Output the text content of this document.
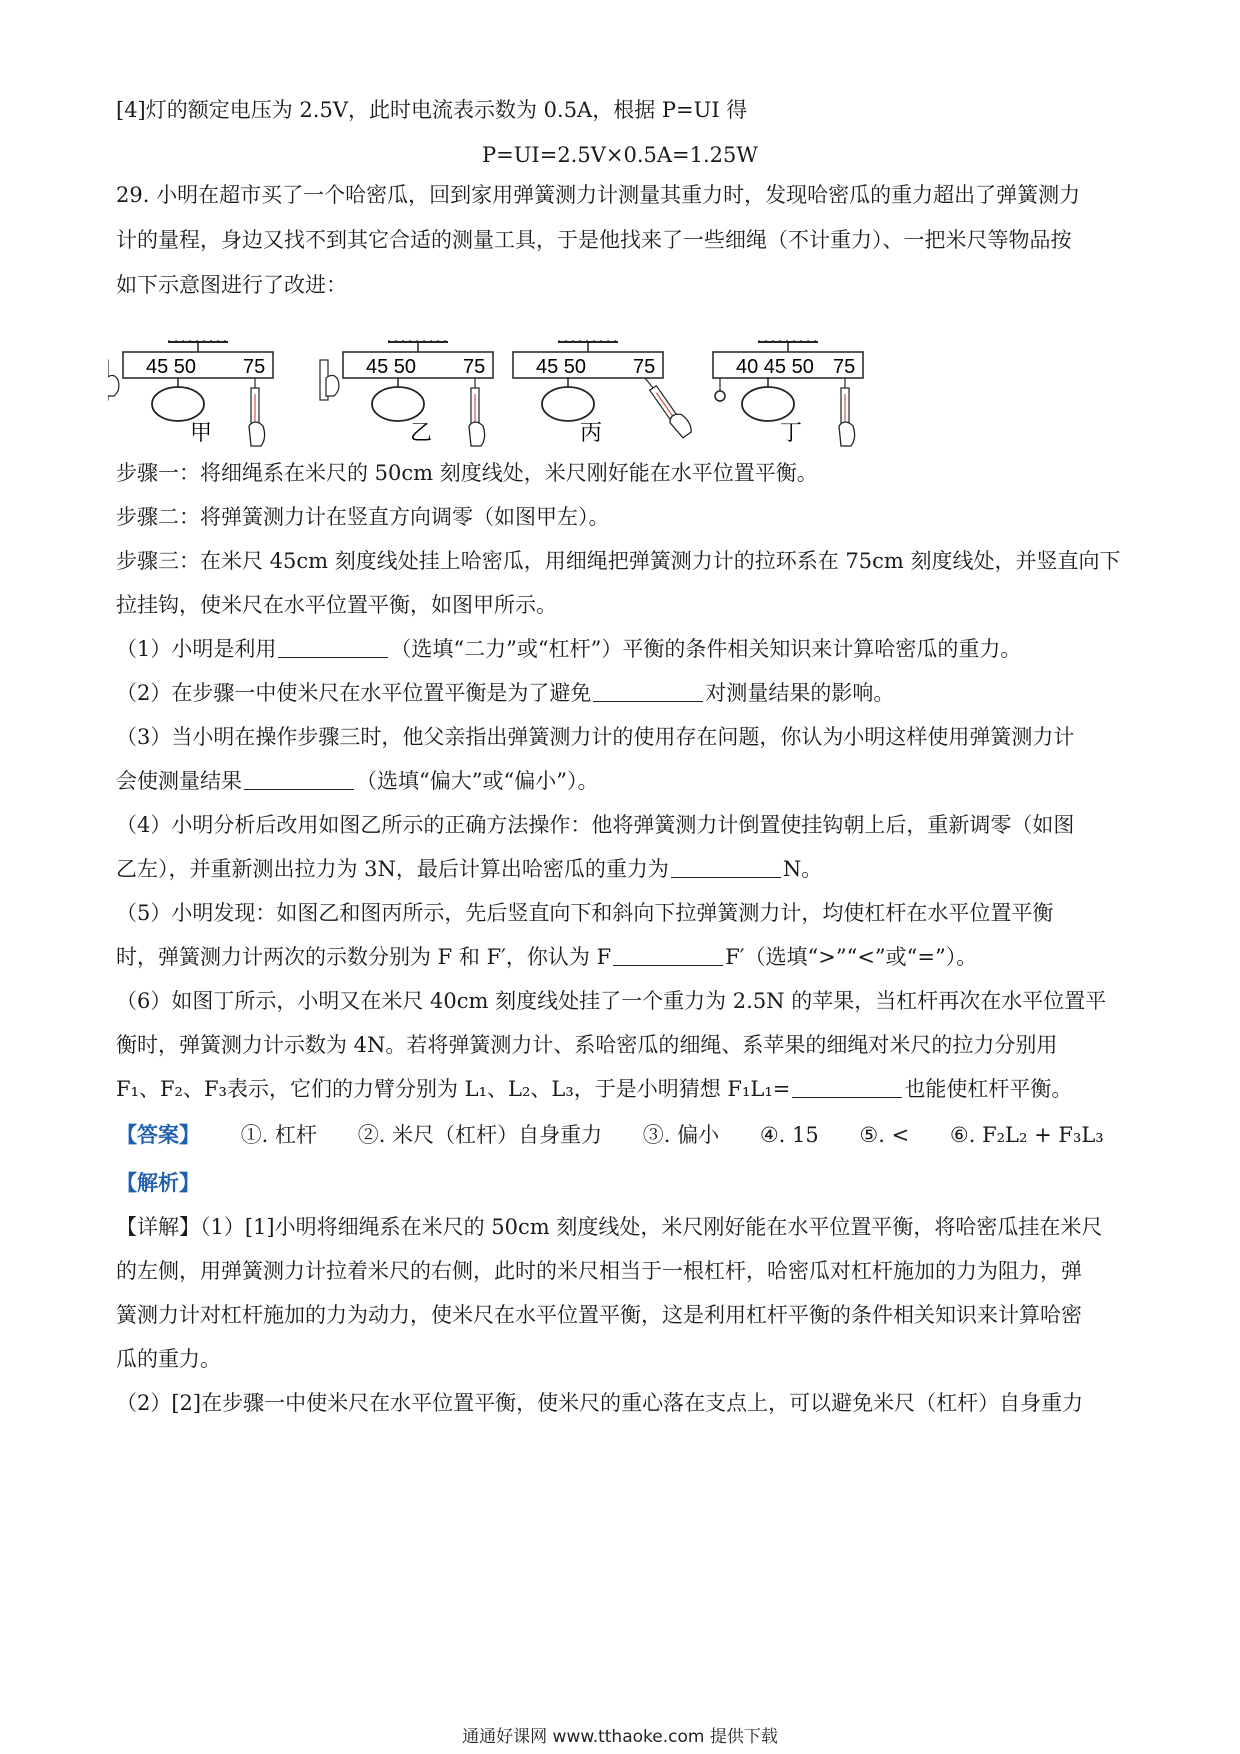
[4]灯的额定电压为 2.5V，此时电流表示数为 0.5A，根据 P=UI 得
P=UI=2.5V×0.5A=1.25W
29. 小明在超市买了一个哈密瓜，回到家用弹簧测力计测量其重力时，发现哈密瓜的重力超出了弹簧测力
计的量程，身边又找不到其它合适的测量工具，于是他找来了一些细绳（不计重力）、一把米尺等物品按
如下示意图进行了改进：
45 50 75
甲
45 50 75
乙
45 50 75
丙
40 45 50 75
丁
步骤一：将细绳系在米尺的 50cm 刻度线处，米尺刚好能在水平位置平衡。
步骤二：将弹簧测力计在竖直方向调零（如图甲左）。
步骤三：在米尺 45cm 刻度线处挂上哈密瓜，用细绳把弹簧测力计的拉环系在 75cm 刻度线处，并竖直向下
拉挂钩，使米尺在水平位置平衡，如图甲所示。
（1）小明是利用	（选填“二力”或“杠杆”）平衡的条件相关知识来计算哈密瓜的重力。
（2）在步骤一中使米尺在水平位置平衡是为了避免	对测量结果的影响。
（3）当小明在操作步骤三时，他父亲指出弹簧测力计的使用存在问题，你认为小明这样使用弹簧测力计
会使测量结果	（选填“偏大”或“偏小”）。
（4）小明分析后改用如图乙所示的正确方法操作：他将弹簧测力计倒置使挂钩朝上后，重新调零（如图
乙左），并重新测出拉力为 3N，最后计算出哈密瓜的重力为	N。
（5）小明发现：如图乙和图丙所示，先后竖直向下和斜向下拉弹簧测力计，均使杠杆在水平位置平衡
时，弹簧测力计两次的示数分别为 F 和 F′，你认为 F	F′（选填“>”“<”或“=”）。
（6）如图丁所示，小明又在米尺 40cm 刻度线处挂了一个重力为 2.5N 的苹果，当杠杆再次在水平位置平
衡时，弹簧测力计示数为 4N。若将弹簧测力计、系哈密瓜的细绳、系苹果的细绳对米尺的拉力分别用
F₁、F₂、F₃表示，它们的力臂分别为 L₁、L₂、L₃，于是小明猜想 F₁L₁=	也能使杠杆平衡。
【答案】 ①. 杠杆 ②. 米尺（杠杆）自身重力 ③. 偏小 ④. 15 ⑤. < ⑥. F₂L₂ + F₃L₃
【解析】
【详解】（1）[1]小明将细绳系在米尺的 50cm 刻度线处，米尺刚好能在水平位置平衡，将哈密瓜挂在米尺
的左侧，用弹簧测力计拉着米尺的右侧，此时的米尺相当于一根杠杆，哈密瓜对杠杆施加的力为阻力，弹
簧测力计对杠杆施加的力为动力，使米尺在水平位置平衡，这是利用杠杆平衡的条件相关知识来计算哈密
瓜的重力。
（2）[2]在步骤一中使米尺在水平位置平衡，使米尺的重心落在支点上，可以避免米尺（杠杆）自身重力
通通好课网 www.tthaoke.com 提供下载
